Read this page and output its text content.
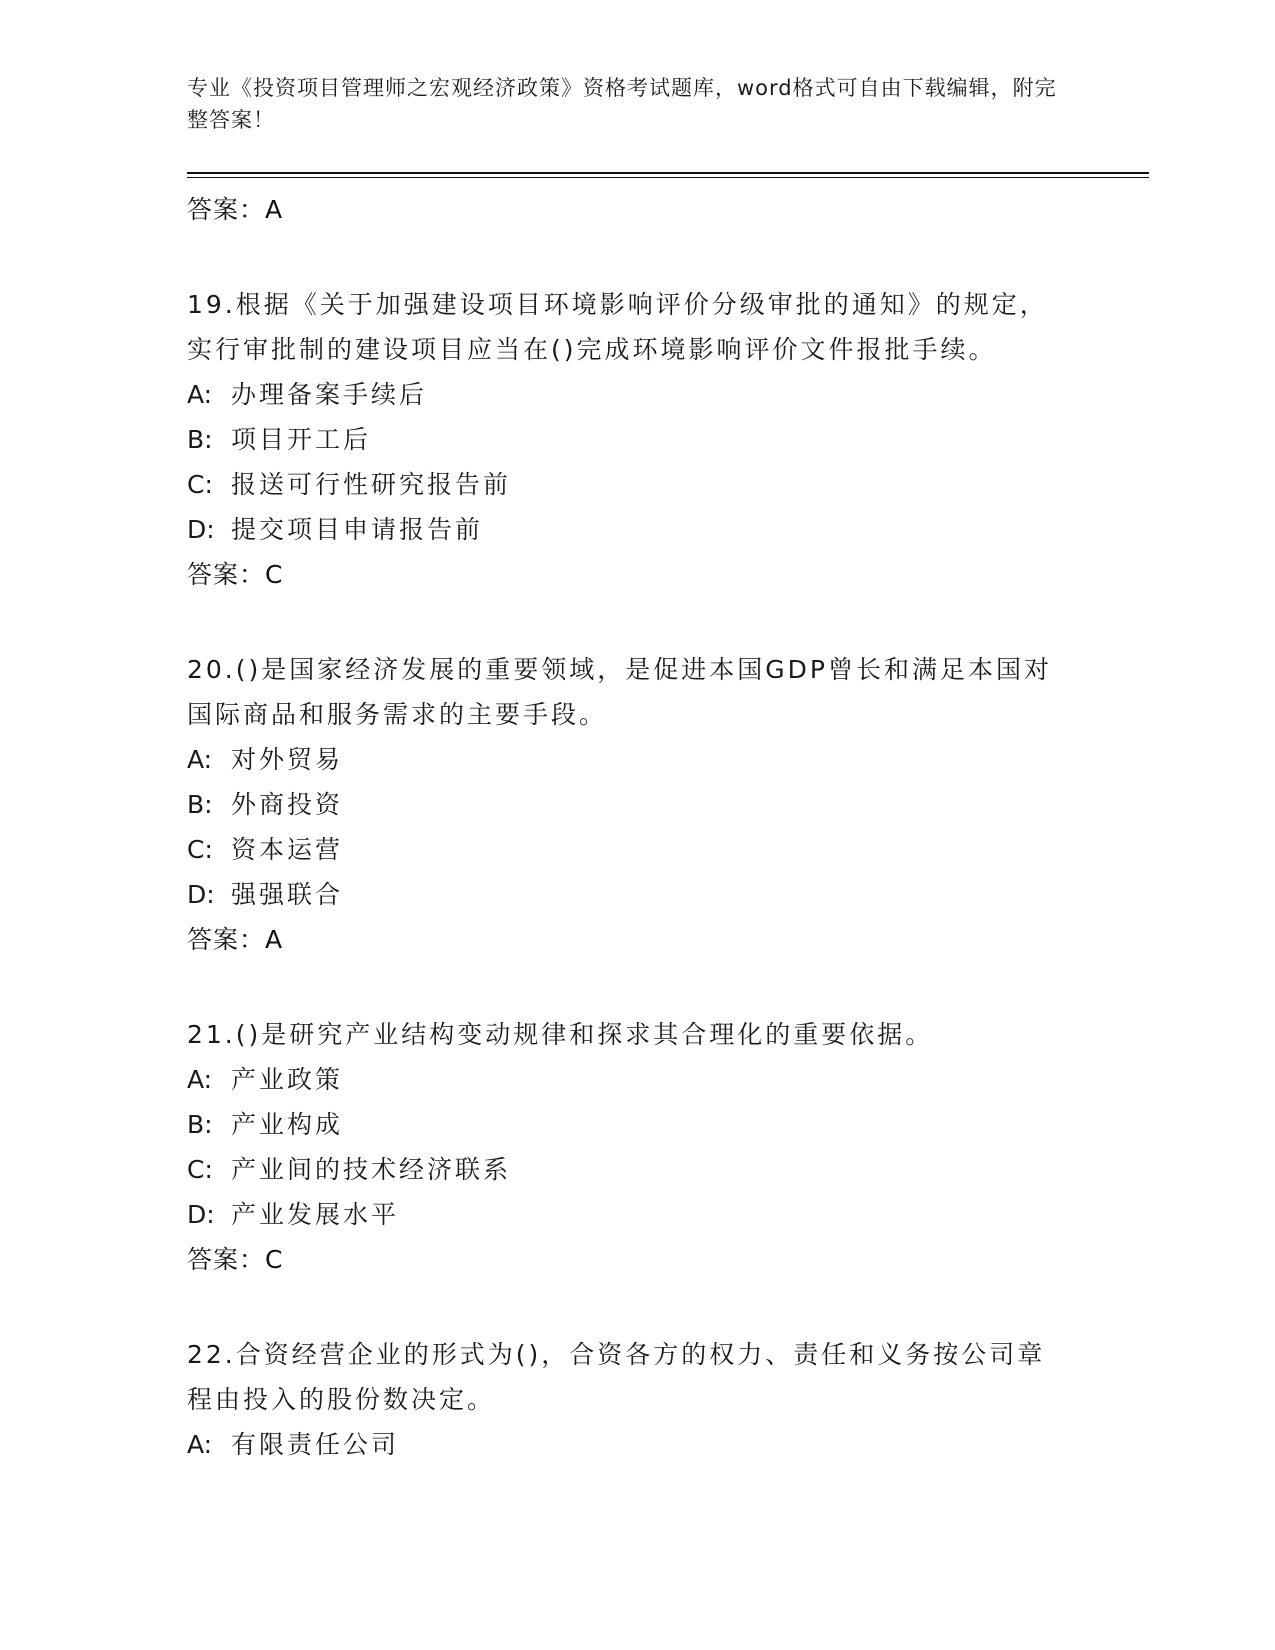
专业《投资项目管理师之宏观经济政策》资格考试题库，word格式可自由下载编辑，附完整答案！
答案：A

19.根据《关于加强建设项目环境影响评价分级审批的通知》的规定，实行审批制的建设项目应当在()完成环境影响评价文件报批手续。

A: 办理备案手续后

B: 项目开工后

C: 报送可行性研究报告前

D: 提交项目申请报告前

答案：C

20.()是国家经济发展的重要领域，是促进本国GDP曾长和满足本国对国际商品和服务需求的主要手段。

A: 对外贸易

B: 外商投资

C: 资本运营

D: 强强联合

答案：A

21.()是研究产业结构变动规律和探求其合理化的重要依据。

A: 产业政策

B: 产业构成

C: 产业间的技术经济联系

D: 产业发展水平

答案：C

22.合资经营企业的形式为()，合资各方的权力、责任和义务按公司章程由投入的股份数决定。

A: 有限责任公司
